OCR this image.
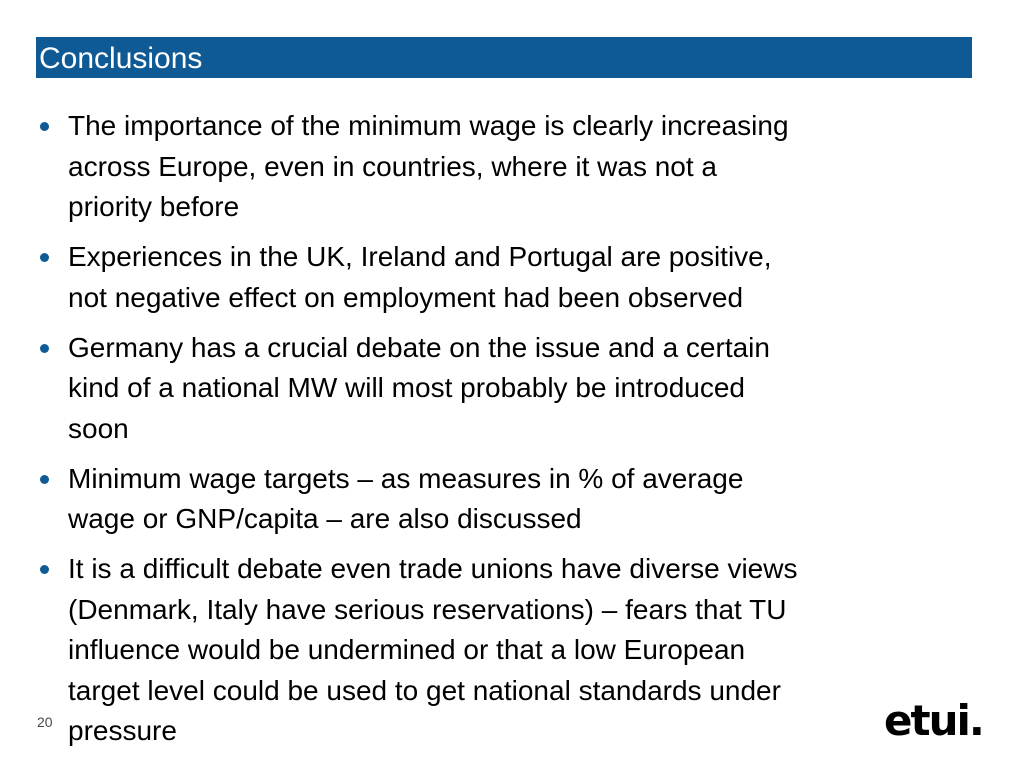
Conclusions
The importance of the minimum wage is clearly increasing
across Europe, even in countries, where it was not a
priority before
Experiences in the UK, Ireland and Portugal are positive,
not negative effect on employment had been observed
Germany has a crucial debate on the issue and a certain
kind of a national MW will most probably be introduced
soon
Minimum wage targets – as measures in % of average
wage or GNP/capita – are also discussed
It is a difficult debate even trade unions have diverse views
(Denmark, Italy have serious reservations) – fears that TU
influence would be undermined or that a low European
target level could be used to get national standards under
pressure
20	etui.
